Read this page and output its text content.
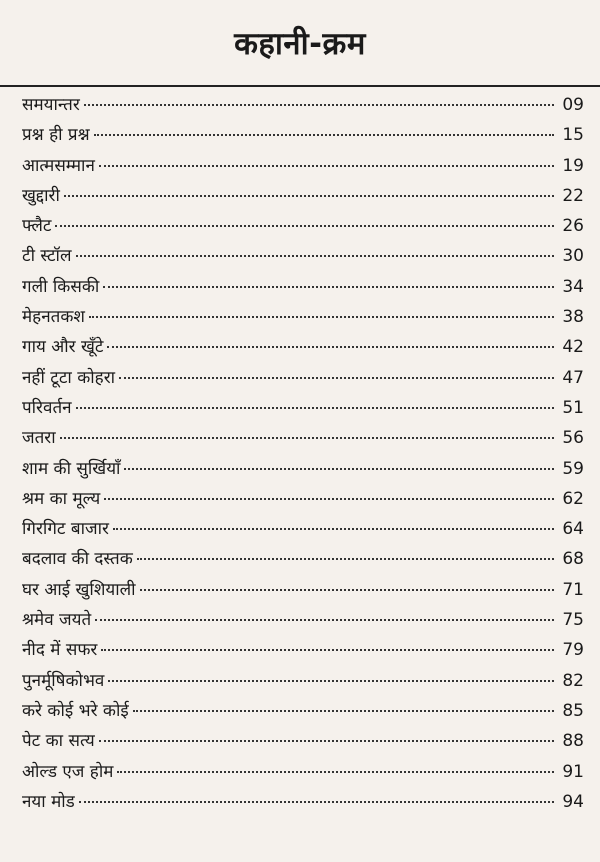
कहानी-क्रम
समयान्तर	09
प्रश्न ही प्रश्न	15
आत्मसम्मान	19
खुद्दारी	22
फ्लैट	26
टी स्टॉल	30
गली किसकी	34
मेहनतकश	38
गाय और खूँटे	42
नहीं टूटा कोहरा	47
परिवर्तन	51
जतरा	56
शाम की सुर्खियाँ	59
श्रम का मूल्य	62
गिरगिट बाजार	64
बदलाव की दस्तक	68
घर आई खुशियाली	71
श्रमेव जयते	75
नीद में सफर	79
पुनर्मूषिकोभव	82
करे कोई भरे कोई	85
पेट का सत्य	88
ओल्ड एज होम	91
नया मोड	94
